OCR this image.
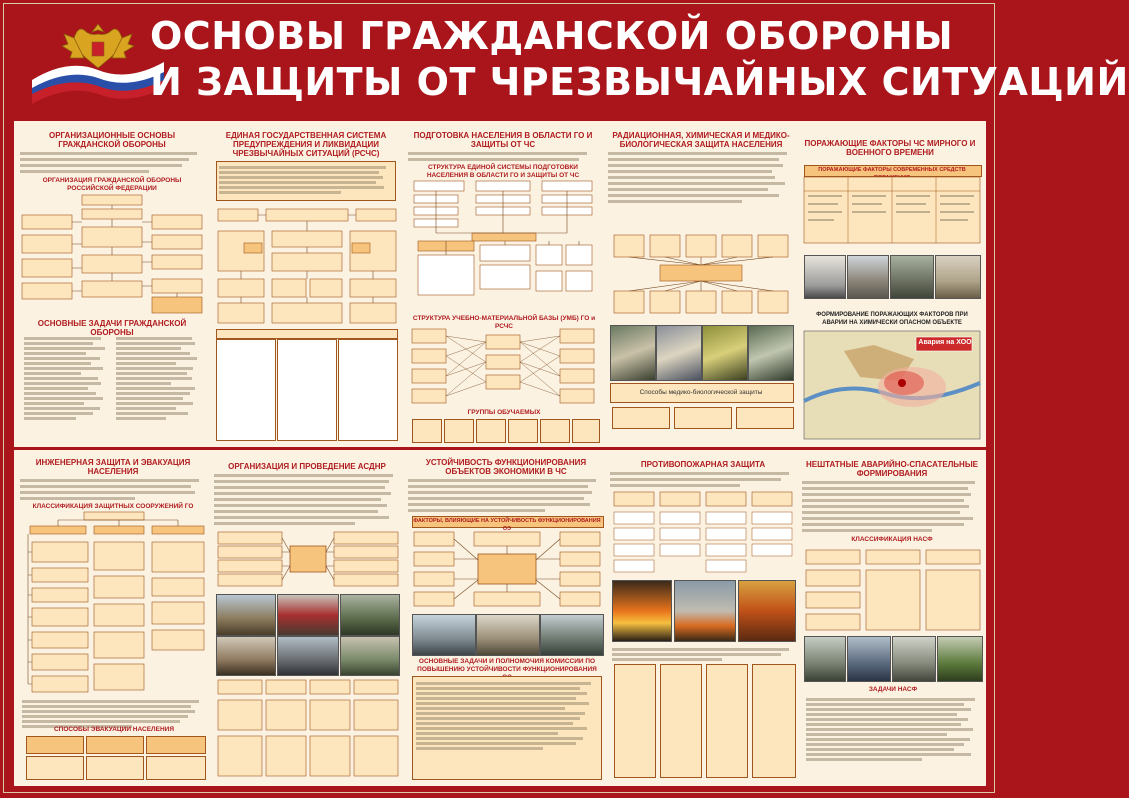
ОСНОВЫ ГРАЖДАНСКОЙ ОБОРОНЫ
И ЗАЩИТЫ ОТ ЧРЕЗВЫЧАЙНЫХ СИТУАЦИЙ
ОРГАНИЗАЦИОННЫЕ ОСНОВЫ ГРАЖДАНСКОЙ ОБОРОНЫ
ОРГАНИЗАЦИЯ ГРАЖДАНСКОЙ ОБОРОНЫ РОССИЙСКОЙ ФЕДЕРАЦИИ
ОСНОВНЫЕ ЗАДАЧИ ГРАЖДАНСКОЙ ОБОРОНЫ
ЕДИНАЯ ГОСУДАРСТВЕННАЯ СИСТЕМА ПРЕДУПРЕЖДЕНИЯ И ЛИКВИДАЦИИ ЧРЕЗВЫЧАЙНЫХ СИТУАЦИЙ (РСЧС)
ПОДГОТОВКА НАСЕЛЕНИЯ В ОБЛАСТИ ГО И ЗАЩИТЫ ОТ ЧС
СТРУКТУРА ЕДИНОЙ СИСТЕМЫ ПОДГОТОВКИ НАСЕЛЕНИЯ В ОБЛАСТИ ГО И ЗАЩИТЫ ОТ ЧС
СТРУКТУРА УЧЕБНО-МАТЕРИАЛЬНОЙ БАЗЫ (УМБ) ГО и РСЧС
ГРУППЫ ОБУЧАЕМЫХ
РАДИАЦИОННАЯ, ХИМИЧЕСКАЯ И МЕДИКО-БИОЛОГИЧЕСКАЯ ЗАЩИТА НАСЕЛЕНИЯ
Способы медико-биологической защиты
ПОРАЖАЮЩИЕ ФАКТОРЫ ЧС МИРНОГО И ВОЕННОГО ВРЕМЕНИ
ПОРАЖАЮЩИЕ ФАКТОРЫ СОВРЕМЕННЫХ СРЕДСТВ
ФОРМИРОВАНИЕ ПОРАЖАЮЩИХ ФАКТОРОВ ПРИ АВАРИИ НА ХИМИЧЕСКИ ОПАСНОМ ОБЪЕКТЕ
Авария на ХОО
ИНЖЕНЕРНАЯ ЗАЩИТА И ЭВАКУАЦИЯ НАСЕЛЕНИЯ
КЛАССИФИКАЦИЯ ЗАЩИТНЫХ СООРУЖЕНИЙ ГО
СПОСОБЫ ЭВАКУАЦИИ НАСЕЛЕНИЯ
ОРГАНИЗАЦИЯ И ПРОВЕДЕНИЕ АСДНР	УСТОЙЧИВОСТЬ ФУНКЦИОНИРОВАНИЯ ОБЪЕКТОВ ЭКОНОМИКИ В ЧС
ФАКТОРЫ, ВЛИЯЮЩИЕ НА УСТОЙЧИВОСТЬ ФУНКЦИОНИРОВАНИЯ ОЭ
ОСНОВНЫЕ ЗАДАЧИ И ПОЛНОМОЧИЯ КОМИССИИ ПО ПОВЫШЕНИЮ УСТОЙЧИВОСТИ ФУНКЦИОНИРОВАНИЯ
ПРОТИВОПОЖАРНАЯ ЗАЩИТА	НЕШТАТНЫЕ АВАРИЙНО-СПАСАТЕЛЬНЫЕ ФОРМИРОВАНИЯ
КЛАССИФИКАЦИЯ НАСФ
ЗАДАЧИ НАСФ
